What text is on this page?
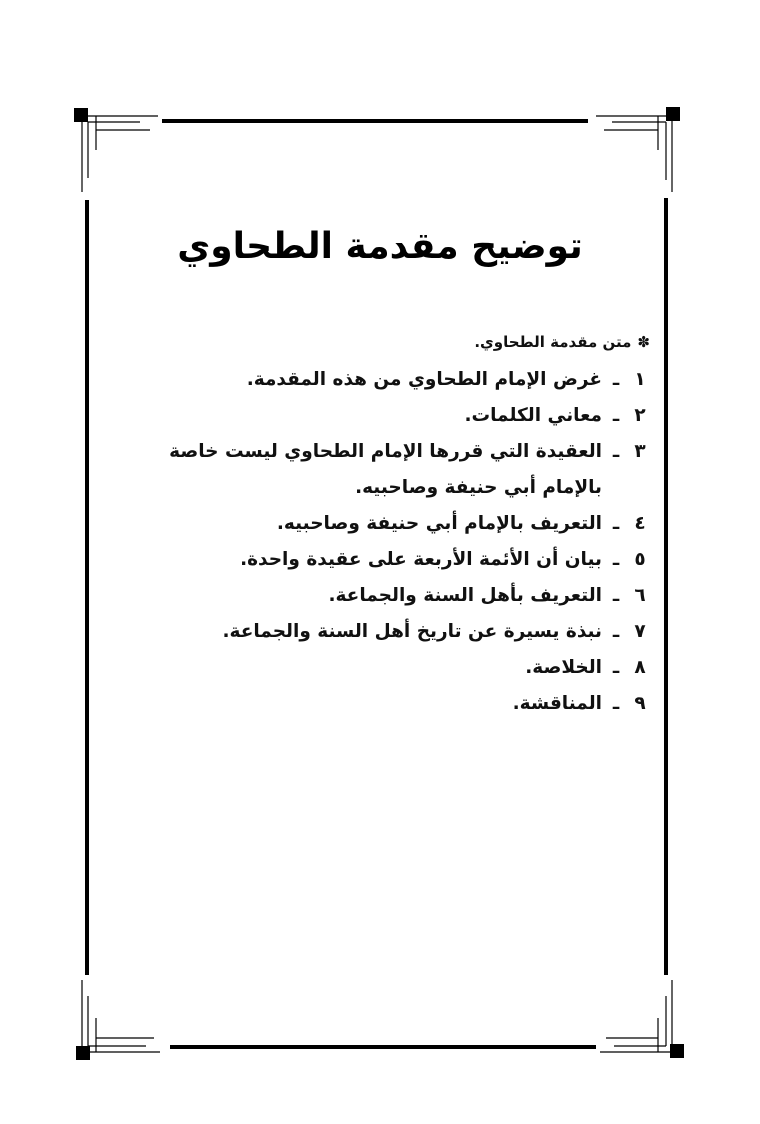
توضيح مقدمة الطحاوي
✽
متن مقدمة الطحاوي.
١
ـ
غرض الإمام الطحاوي من هذه المقدمة.
٢
ـ
معاني الكلمات.
٣
ـ
العقيدة التي قررها الإمام الطحاوي ليست خاصة بالإمام أبي حنيفة وصاحبيه.
٤
ـ
التعريف بالإمام أبي حنيفة وصاحبيه.
٥
ـ
بيان أن الأئمة الأربعة على عقيدة واحدة.
٦
ـ
التعريف بأهل السنة والجماعة.
٧
ـ
نبذة يسيرة عن تاريخ أهل السنة والجماعة.
٨
ـ
الخلاصة.
٩
ـ
المناقشة.
